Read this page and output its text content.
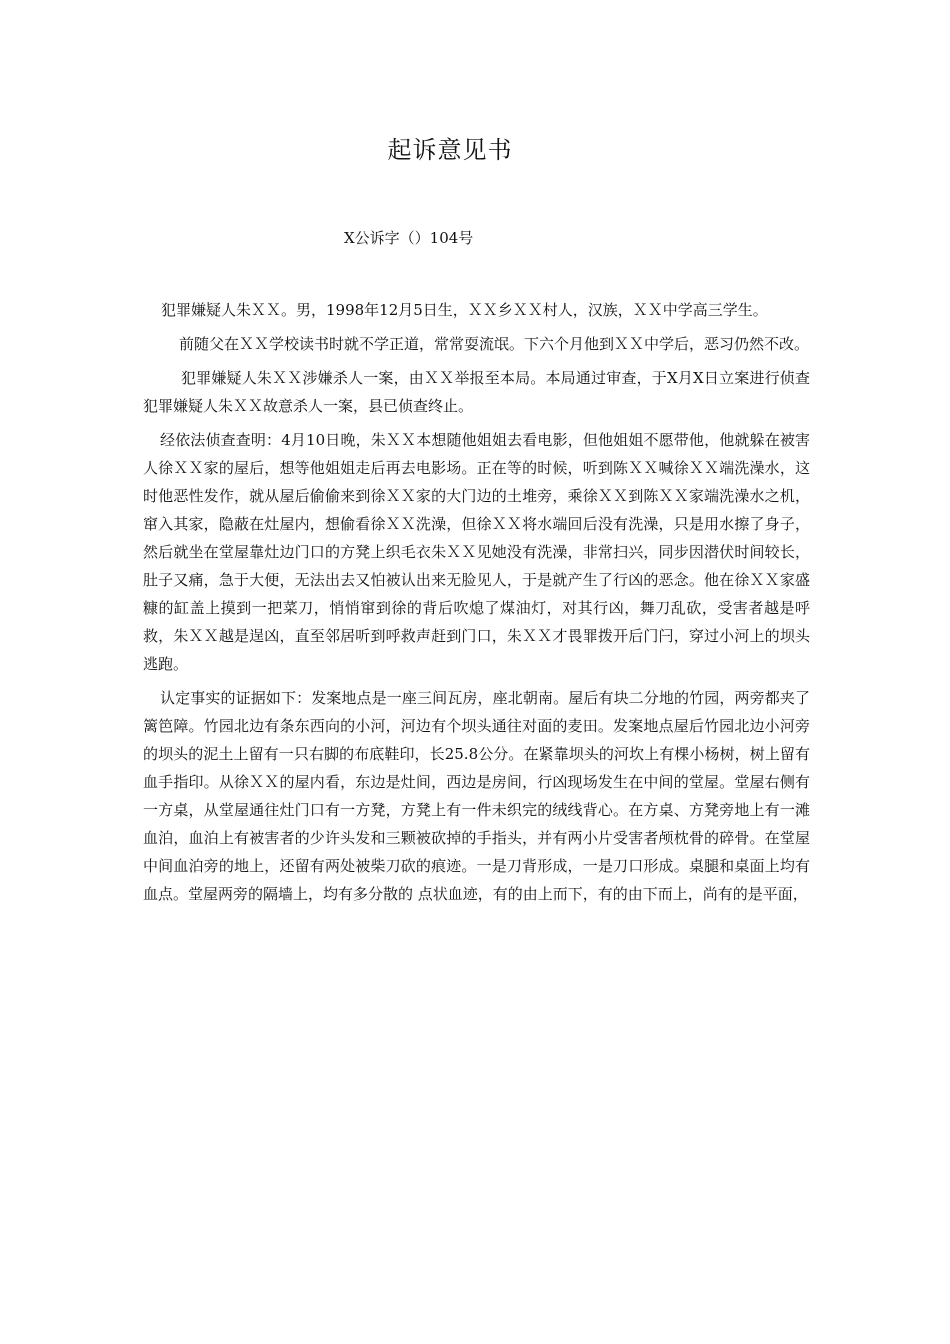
起诉意见书
X公诉字（）104号

犯罪嫌疑人朱ＸＸ。男，1998年12月5日生，ＸＸ乡ＸＸ村人，汉族，ＸＸ中学高三学生。

前随父在ＸＸ学校读书时就不学正道，常常耍流氓。下六个月他到ＸＸ中学后，恶习仍然不改。

犯罪嫌疑人朱ＸＸ涉嫌杀人一案，由ＸＸ举报至本局。本局通过审查，于X月X日立案进行侦查犯罪嫌疑人朱ＸＸ故意杀人一案，县已侦查终止。

经依法侦查查明：4月10日晚，朱ＸＸ本想随他姐姐去看电影，但他姐姐不愿带他，他就躲在被害人徐ＸＸ家的屋后，想等他姐姐走后再去电影场。正在等的时候，听到陈ＸＸ喊徐ＸＸ端洗澡水，这时他恶性发作，就从屋后偷偷来到徐ＸＸ家的大门边的土堆旁，乘徐ＸＸ到陈ＸＸ家端洗澡水之机，窜入其家，隐蔽在灶屋内，想偷看徐ＸＸ洗澡，但徐ＸＸ将水端回后没有洗澡，只是用水擦了身子，然后就坐在堂屋靠灶边门口的方凳上织毛衣朱ＸＸ见她没有洗澡，非常扫兴，同步因潜伏时间较长，肚子又痛，急于大便，无法出去又怕被认出来无脸见人，于是就产生了行凶的恶念。他在徐ＸＸ家盛糠的缸盖上摸到一把菜刀，悄悄窜到徐的背后吹熄了煤油灯，对其行凶，舞刀乱砍，受害者越是呼救，朱ＸＸ越是逞凶，直至邻居听到呼救声赶到门口，朱ＸＸ才畏罪拨开后门闩，穿过小河上的坝头逃跑。

认定事实的证据如下：发案地点是一座三间瓦房，座北朝南。屋后有块二分地的竹园，两旁都夹了篱笆障。竹园北边有条东西向的小河，河边有个坝头通往对面的麦田。发案地点屋后竹园北边小河旁的坝头的泥土上留有一只右脚的布底鞋印，长25.8公分。在紧靠坝头的河坎上有棵小杨树，树上留有血手指印。从徐ＸＸ的屋内看，东边是灶间，西边是房间，行凶现场发生在中间的堂屋。堂屋右侧有一方桌，从堂屋通往灶门口有一方凳，方凳上有一件未织完的绒线背心。在方桌、方凳旁地上有一滩血泊，血泊上有被害者的少许头发和三颗被砍掉的手指头，并有两小片受害者颅枕骨的碎骨。在堂屋中间血泊旁的地上，还留有两处被柴刀砍的痕迹。一是刀背形成，一是刀口形成。桌腿和桌面上均有血点。堂屋两旁的隔墙上，均有多分散的 点状血迹，有的由上而下，有的由下而上，尚有的是平面，
